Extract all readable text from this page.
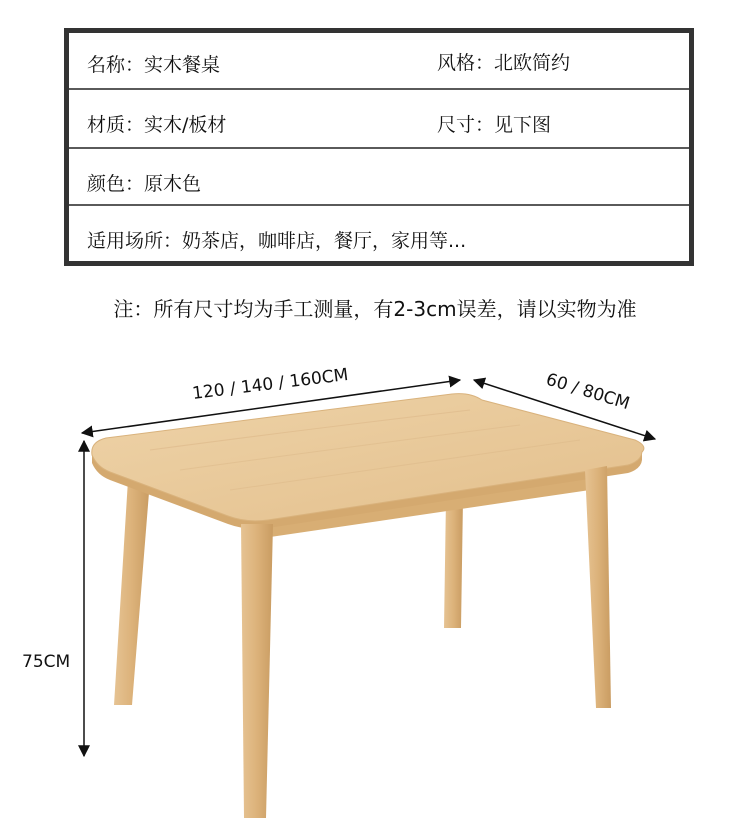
名称：实木餐桌	风格：北欧简约
材质：实木/板材	尺寸：见下图
颜色：原木色
适用场所：奶茶店，咖啡店，餐厅，家用等...
注：所有尺寸均为手工测量，有2-3cm误差，请以实物为准
120 / 140 / 160CM	60 / 80CM
75CM
